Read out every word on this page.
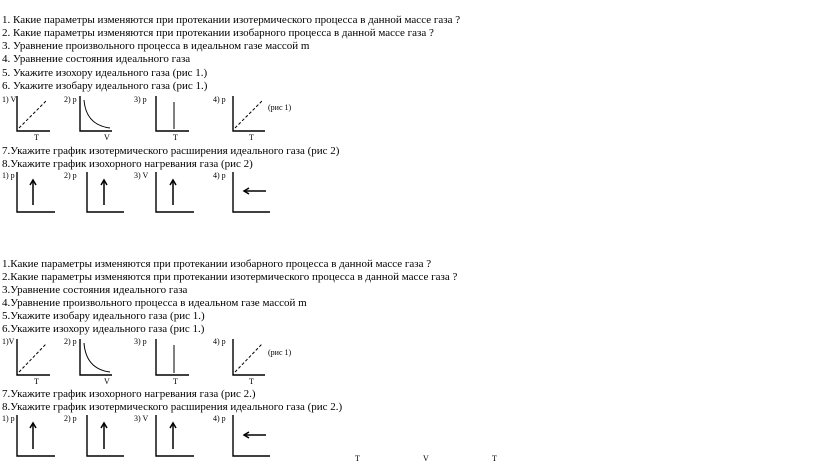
1. Какие параметры изменяются при протекании изотермического процесса в данной массе газа ?
2. Какие параметры изменяются при протекании изобарного процесса в данной массе газа ?
3. Уравнение произвольного процесса в идеальном газе массой m
4. Уравнение состояния идеального газа
5. Укажите изохору идеального газа (рис 1.)
6. Укажите изобару идеального газа (рис 1.)
1) V	2) p	3) p	4) p
(рис 1)
T	V	T	T
7.Укажите график изотермического расширения идеального газа (рис 2)
8.Укажите график изохорного нагревания газа (рис 2)
1) p	2) p	3) V	4) p
1.Какие параметры изменяются при протекании изобарного процесса в данной массе газа ?
2.Какие параметры изменяются при протекании изотермического процесса в данной массе газа ?
3.Уравнение состояния идеального газа
4.Уравнение произвольного процесса в идеальном газе массой m
5.Укажите изобару идеального газа (рис 1.)
6.Укажите изохору идеального газа (рис 1.)
1)V	2) p	3) p	4) p
(рис 1)
T	V	T	T
7.Укажите график изохорного нагревания газа (рис 2.)
8.Укажите график изотермического расширения идеального газа (рис 2.)
1) p	2) p	3) V	4) p
T	V	T
